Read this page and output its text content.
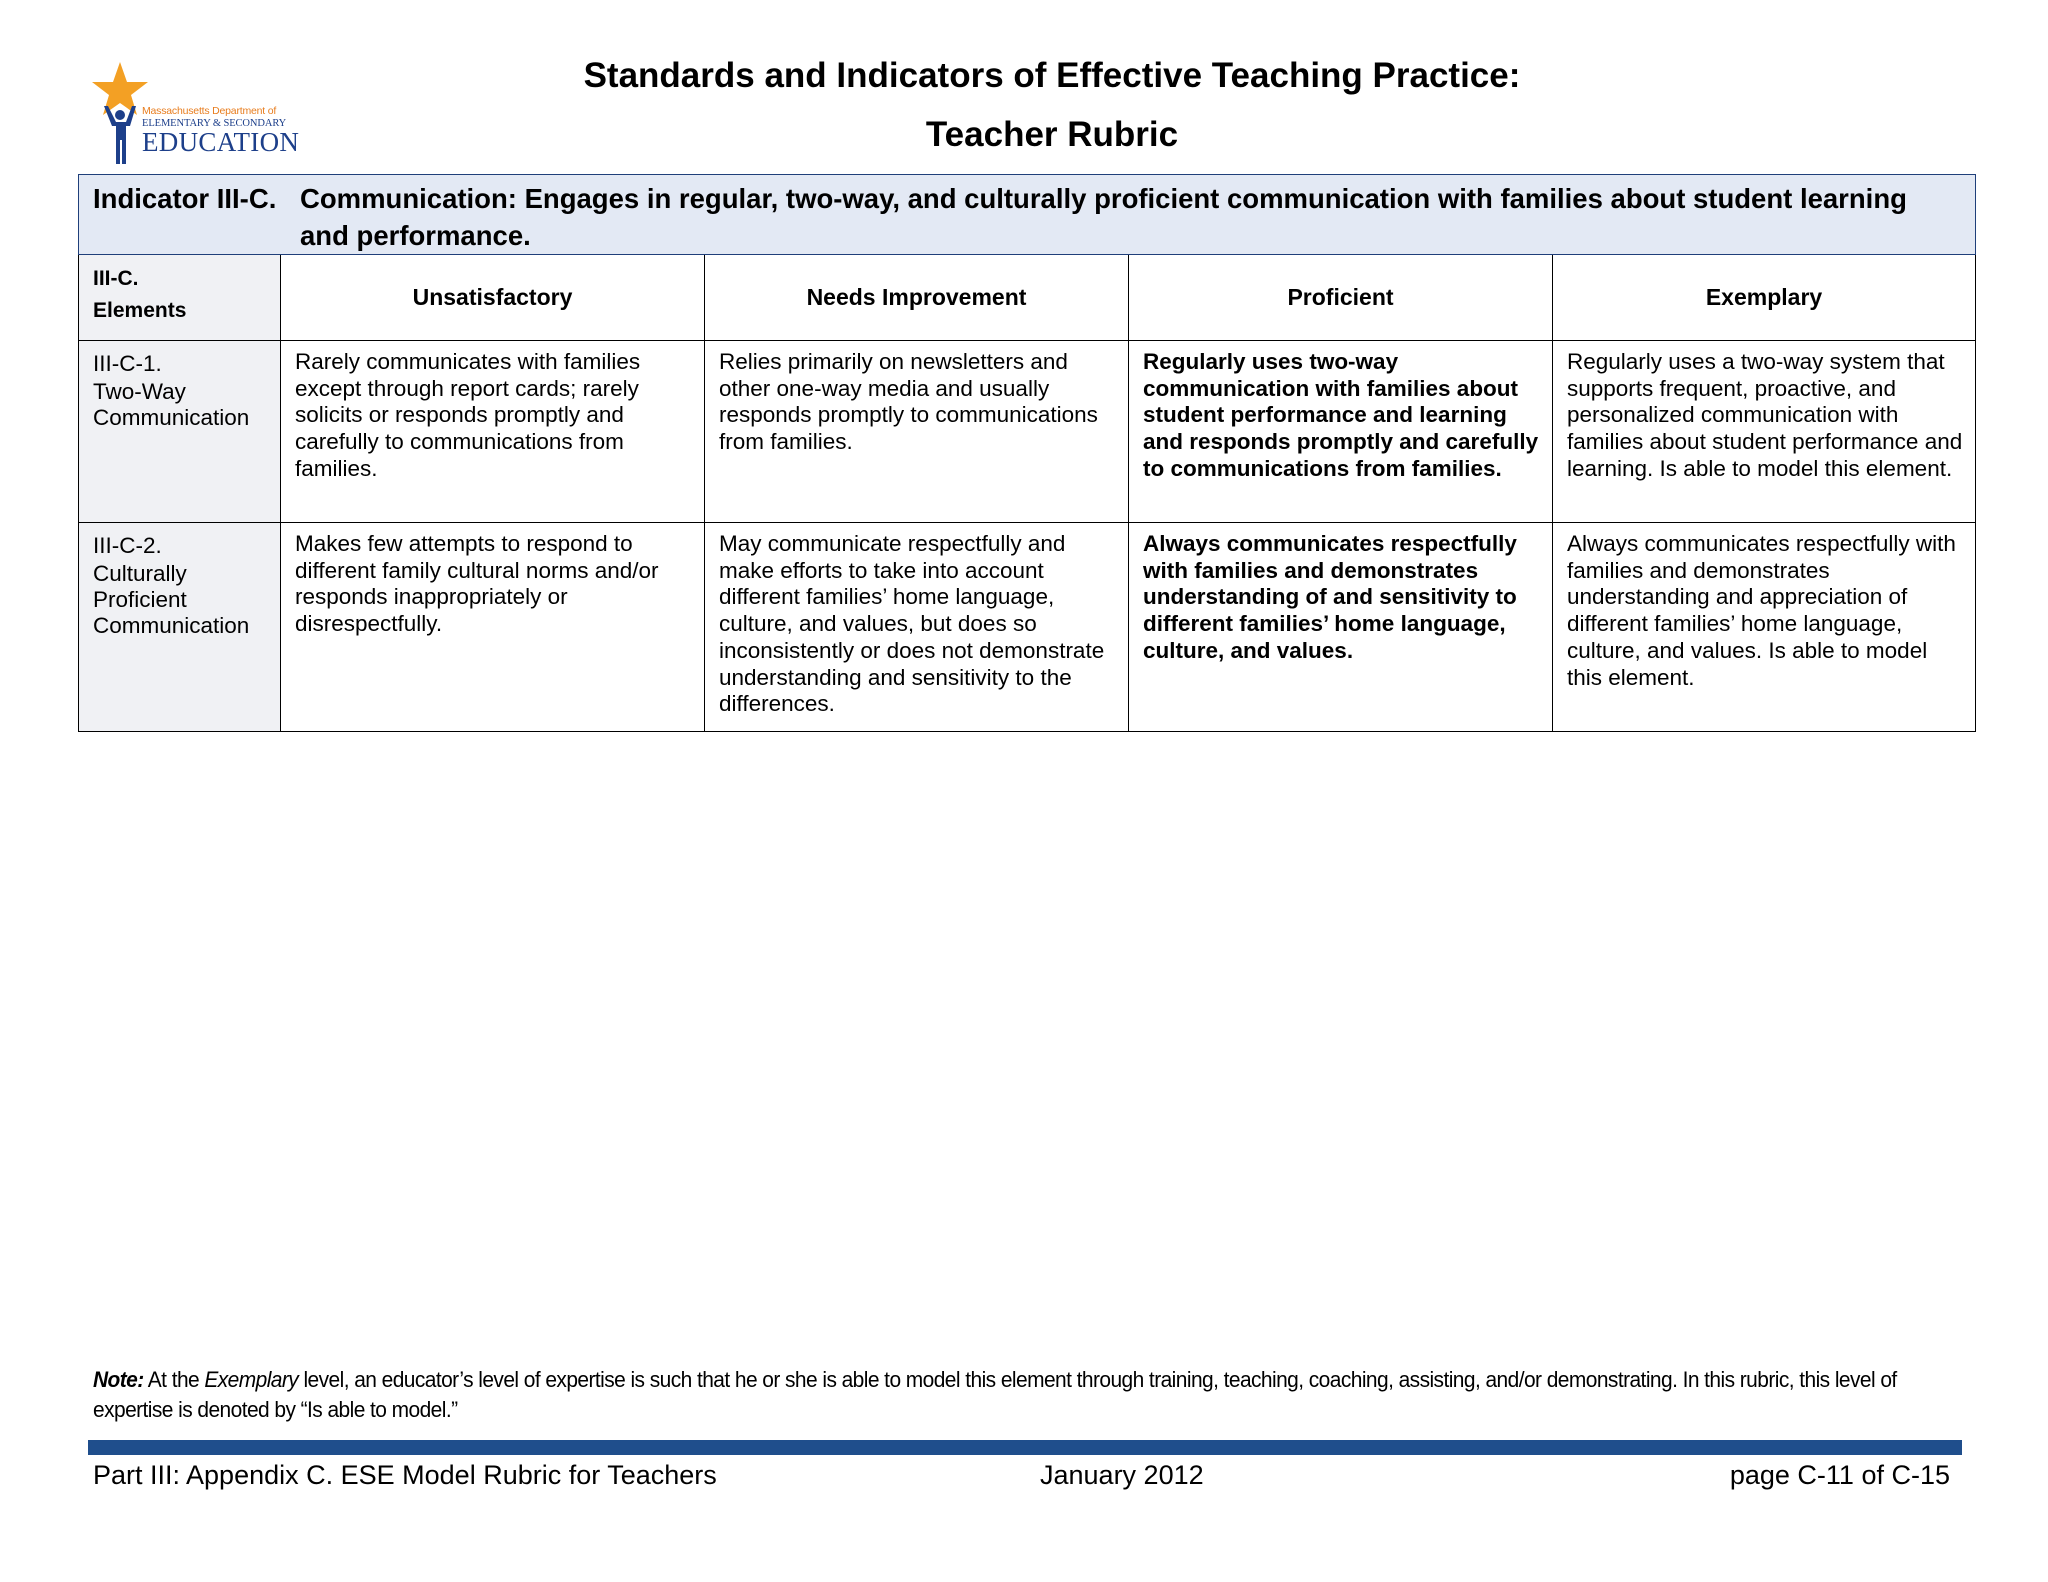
Massachusetts Department of
ELEMENTARY & SECONDARY
EDUCATION
Standards and Indicators of Effective Teaching Practice:
Teacher Rubric
Indicator III-C. Communication: Engages in regular, two-way, and culturally proficient communication with families about student learning and performance.				

III-C.
Elements	Unsatisfactory	Needs Improvement	Proficient	Exemplary

III-C-1.
Two-Way Communication	Rarely communicates with families except through report cards; rarely solicits or responds promptly and carefully to communications from families.	Relies primarily on newsletters and other one-way media and usually responds promptly to communications from families.	Regularly uses two-way communication with families about student performance and learning and responds promptly and carefully to communications from families.	Regularly uses a two-way system that supports frequent, proactive, and personalized communication with families about student performance and learning. Is able to model this element.

III-C-2.
Culturally Proficient Communication	Makes few attempts to respond to different family cultural norms and/or responds inappropriately or disrespectfully.	May communicate respectfully and make efforts to take into account different families’ home language, culture, and values, but does so inconsistently or does not demonstrate understanding and sensitivity to the differences.	Always communicates respectfully with families and demonstrates understanding of and sensitivity to different families’ home language, culture, and values.	Always communicates respectfully with families and demonstrates understanding and appreciation of different families’ home language, culture, and values. Is able to model this element.
Note: At the Exemplary level, an educator’s level of expertise is such that he or she is able to model this element through training, teaching, coaching, assisting, and/or demonstrating. In this rubric, this level of expertise is denoted by “Is able to model.”
Part III: Appendix C. ESE Model Rubric for Teachers	January 2012	page C-11 of C-15
